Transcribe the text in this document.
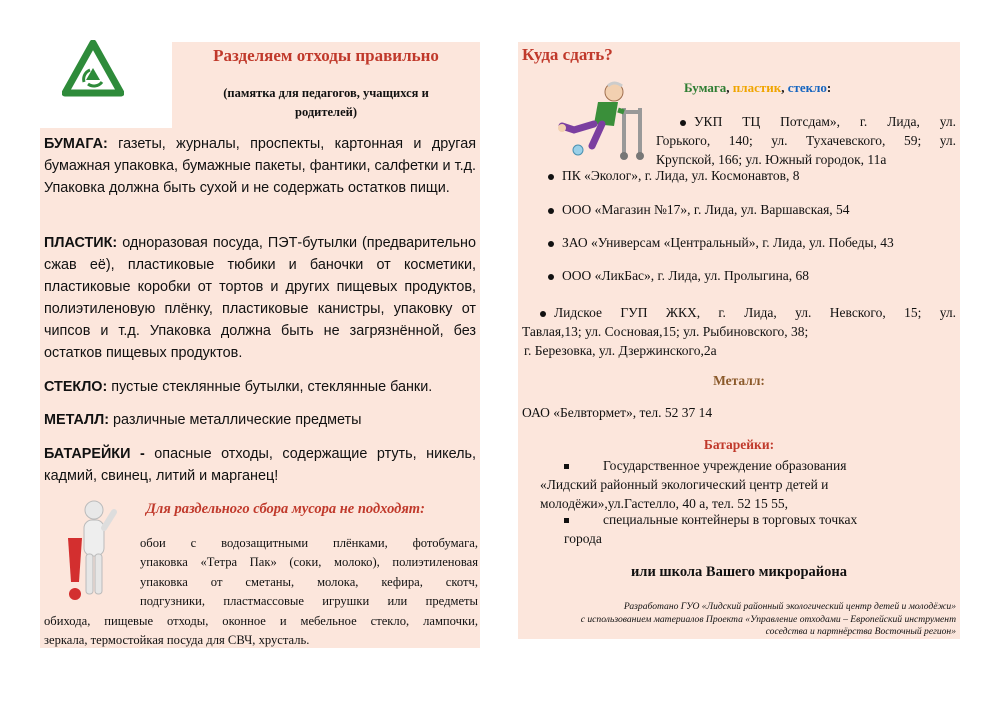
Разделяем отходы правильно
(памятка для педагогов, учащихся и
родителей)
БУМАГА: газеты, журналы, проспекты, картонная и другая бумажная упаковка, бумажные пакеты, фантики, салфетки и т.д. Упаковка должна быть сухой и не содержать остатков пищи.
ПЛАСТИК: одноразовая посуда, ПЭТ-бутылки (предварительно сжав её), пластиковые тюбики и баночки от косметики, пластиковые коробки от тортов и других пищевых продуктов, полиэтиленовую плёнку, пластиковые канистры, упаковку от чипсов и т.д. Упаковка должна быть не загрязнённой, без остатков пищевых продуктов.
СТЕКЛО: пустые стеклянные бутылки, стеклянные банки.
МЕТАЛЛ: различные металлические предметы
БАТАРЕЙКИ - опасные отходы, содержащие ртуть, никель, кадмий, свинец, литий и марганец!
Для раздельного сбора мусора не подходят:
обои с водозащитными плёнками, фотобумага,
упаковка «Тетра Пак» (соки, молоко), полиэтиленовая
упаковка от сметаны, молока, кефира, скотч,
подгузники, пластмассовые игрушки или предметы
обихода, пищевые отходы, оконное и мебельное стекло, лампочки,
зеркала, термостойкая посуда для СВЧ, хрусталь.
Куда сдать?
Бумага, пластик, стекло:
УКП ТЦ Потсдам», г. Лида, ул.
Горького, 140; ул. Тухачевского, 59; ул.
Крупской, 166; ул. Южный городок, 11а
ПК «Эколог», г. Лида, ул. Космонавтов, 8
ООО «Магазин №17», г. Лида, ул. Варшавская, 54
ЗАО «Универсам «Центральный», г. Лида, ул. Победы, 43
ООО «ЛикБас», г. Лида, ул. Пролыгина, 68
Лидское ГУП ЖКХ, г. Лида, ул. Невского, 15; ул.
Тавлая,13; ул. Сосновая,15; ул. Рыбиновского, 38;
г. Березовка, ул. Дзержинского,2а
Металл:
ОАО «Белвтормет», тел. 52 37 14
Батарейки:
Государственное учреждение образования
«Лидский районный экологический центр детей и
молодёжи»,ул.Гастелло, 40 а, тел. 52 15 55,
специальные контейнеры в торговых точках
города
или школа Вашего микрорайона
Разработано ГУО «Лидский районный экологический центр детей и молодёжи»
с использованием материалов Проекта «Управление отходами – Европейский инструмент
соседства и партнёрства Восточный регион»
